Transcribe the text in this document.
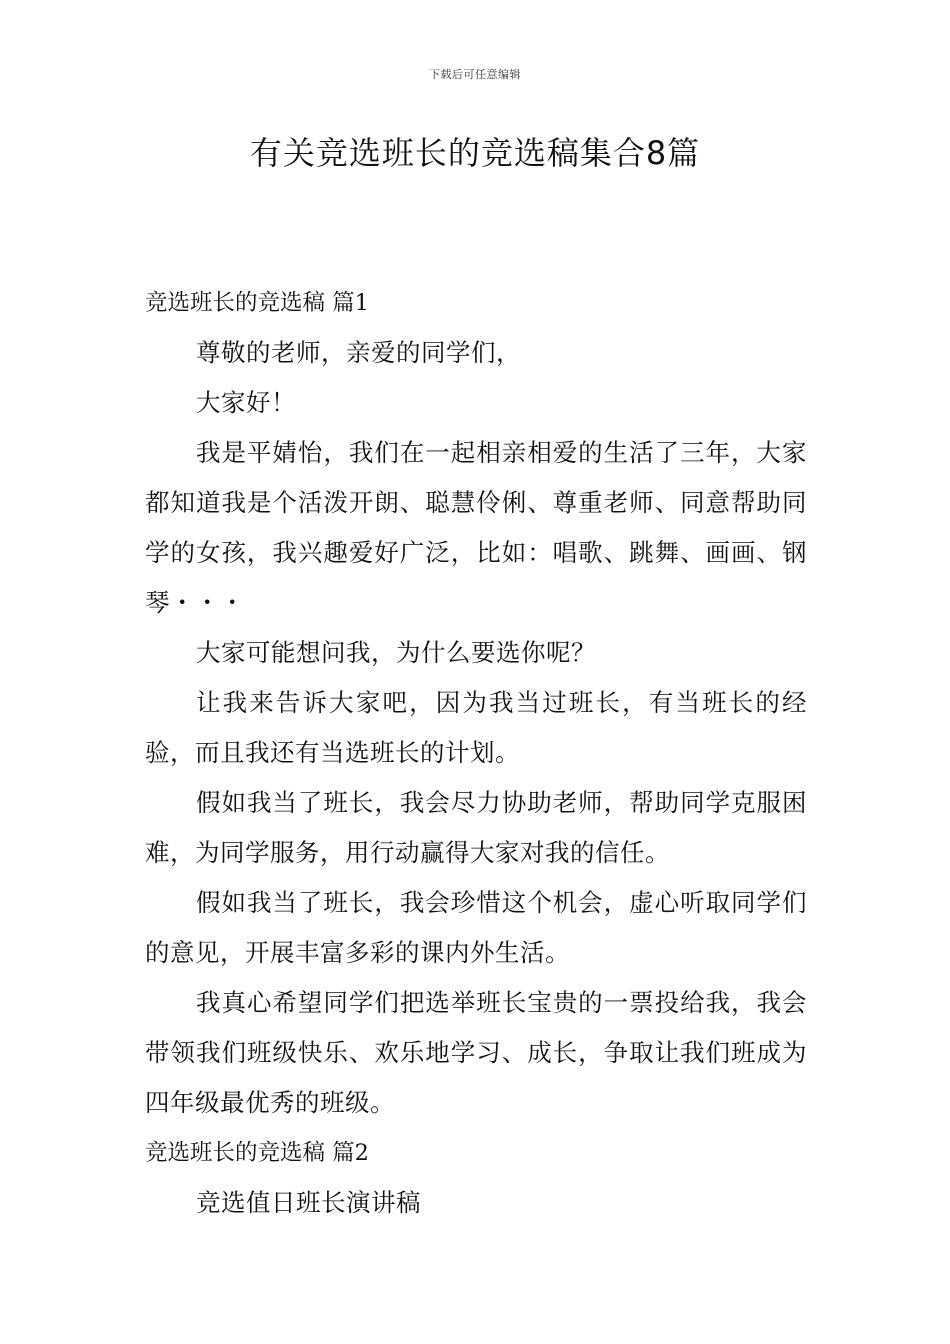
下载后可任意编辑
有关竞选班长的竞选稿集合8篇
竞选班长的竞选稿 篇1

尊敬的老师，亲爱的同学们，

大家好！

我是平婧怡，我们在一起相亲相爱的生活了三年，大家都知道我是个活泼开朗、聪慧伶俐、尊重老师、同意帮助同学的女孩，我兴趣爱好广泛，比如：唱歌、跳舞、画画、钢琴・・・

大家可能想问我，为什么要选你呢？

让我来告诉大家吧，因为我当过班长，有当班长的经验，而且我还有当选班长的计划。

假如我当了班长，我会尽力协助老师，帮助同学克服困难，为同学服务，用行动赢得大家对我的信任。

假如我当了班长，我会珍惜这个机会，虚心听取同学们的意见，开展丰富多彩的课内外生活。

我真心希望同学们把选举班长宝贵的一票投给我，我会带领我们班级快乐、欢乐地学习、成长，争取让我们班成为四年级最优秀的班级。

竞选班长的竞选稿 篇2

竞选值日班长演讲稿
